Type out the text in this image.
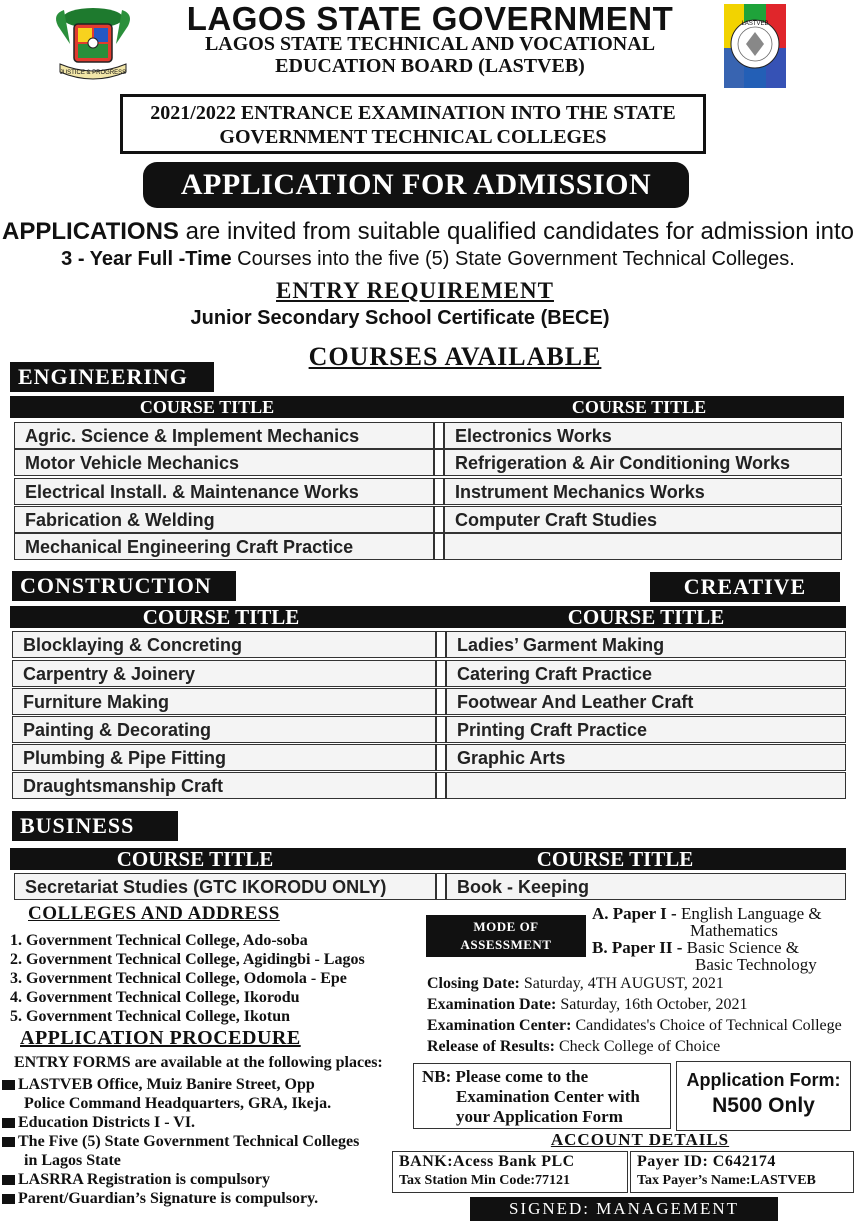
JUSTICE & PROGRESS
LAGOS STATE GOVERNMENT
LAGOS STATE TECHNICAL AND VOCATIONAL
EDUCATION BOARD (LASTVEB)
LASTVEB
2021/2022 ENTRANCE EXAMINATION INTO THE STATE
GOVERNMENT TECHNICAL COLLEGES
APPLICATION FOR ADMISSION
APPLICATIONS are invited from suitable qualified candidates for admission into
3 - Year Full -Time Courses into the five (5) State Government Technical Colleges.
ENTRY REQUIREMENT
Junior Secondary School Certificate (BECE)
COURSES AVAILABLE
ENGINEERING
COURSE TITLE	COURSE TITLE
Agric. Science & Implement Mechanics	Electronics Works
Motor Vehicle Mechanics	Refrigeration & Air Conditioning Works
Electrical Install. & Maintenance Works	Instrument Mechanics Works
Fabrication & Welding	Computer Craft Studies
Mechanical Engineering Craft Practice
CONSTRUCTION	CREATIVE
COURSE TITLE	COURSE TITLE
Blocklaying & Concreting	Ladies’ Garment Making
Carpentry & Joinery	Catering Craft Practice
Furniture Making	Footwear And Leather Craft
Painting & Decorating	Printing Craft Practice
Plumbing & Pipe Fitting	Graphic Arts
Draughtsmanship Craft
BUSINESS
COURSE TITLE	COURSE TITLE
Secretariat Studies (GTC IKORODU ONLY)	Book - Keeping
COLLEGES AND ADDRESS
1. Government Technical College, Ado-soba
2. Government Technical College, Agidingbi - Lagos
3. Government Technical College, Odomola - Epe
4. Government Technical College, Ikorodu
5. Government Technical College, Ikotun
APPLICATION PROCEDURE
ENTRY FORMS are available at the following places:
LASTVEB Office, Muiz Banire Street, Opp
Police Command Headquarters, GRA, Ikeja.
Education Districts I - VI.
The Five (5) State Government Technical Colleges
in Lagos State
LASRRA Registration is compulsory
Parent/Guardian’s Signature is compulsory.
MODE OF
ASSESSMENT
A. Paper I - English Language &
Mathematics
B. Paper II - Basic Science &
Basic Technology
Closing Date: Saturday, 4TH AUGUST, 2021
Examination Date: Saturday, 16th October, 2021
Examination Center: Candidates's Choice of Technical College
Release of Results: Check College of Choice
NB: Please come to the
Examination Center with
your Application Form
Application Form:
N500 Only
ACCOUNT DETAILS
BANK:Acess Bank PLC
Tax Station Min Code:77121
Payer ID: C642174
Tax Payer’s Name:LASTVEB
SIGNED: MANAGEMENT
